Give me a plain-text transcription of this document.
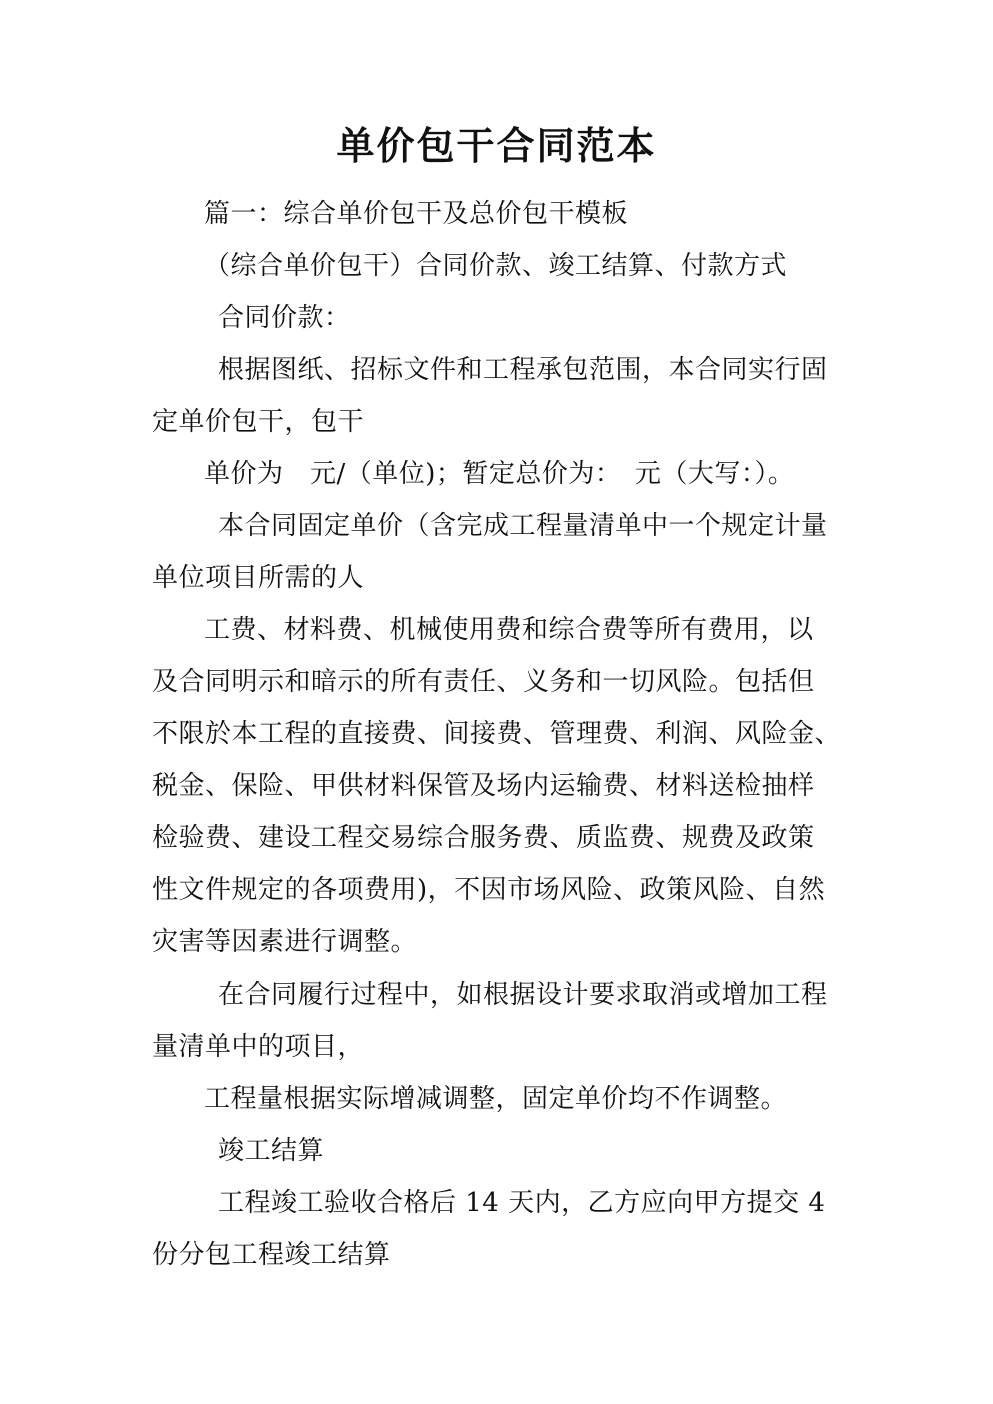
单价包干合同范本
篇一：综合单价包干及总价包干模板
（综合单价包干）合同价款、竣工结算、付款方式
合同价款：
根据图纸、招标文件和工程承包范围，本合同实行固
定单价包干，包干
单价为　元/（单位)；暂定总价为：　元（大写：）。
本合同固定单价（含完成工程量清单中一个规定计量
单位项目所需的人
工费、材料费、机械使用费和综合费等所有费用，以
及合同明示和暗示的所有责任、义务和一切风险。包括但
不限於本工程的直接费、间接费、管理费、利润、风险金、
税金、保险、甲供材料保管及场内运输费、材料送检抽样
检验费、建设工程交易综合服务费、质监费、规费及政策
性文件规定的各项费用)，不因市场风险、政策风险、自然
灾害等因素进行调整。
在合同履行过程中，如根据设计要求取消或增加工程
量清单中的项目，
工程量根据实际增减调整，固定单价均不作调整。
竣工结算
工程竣工验收合格后 14 天内，乙方应向甲方提交 4
份分包工程竣工结算
